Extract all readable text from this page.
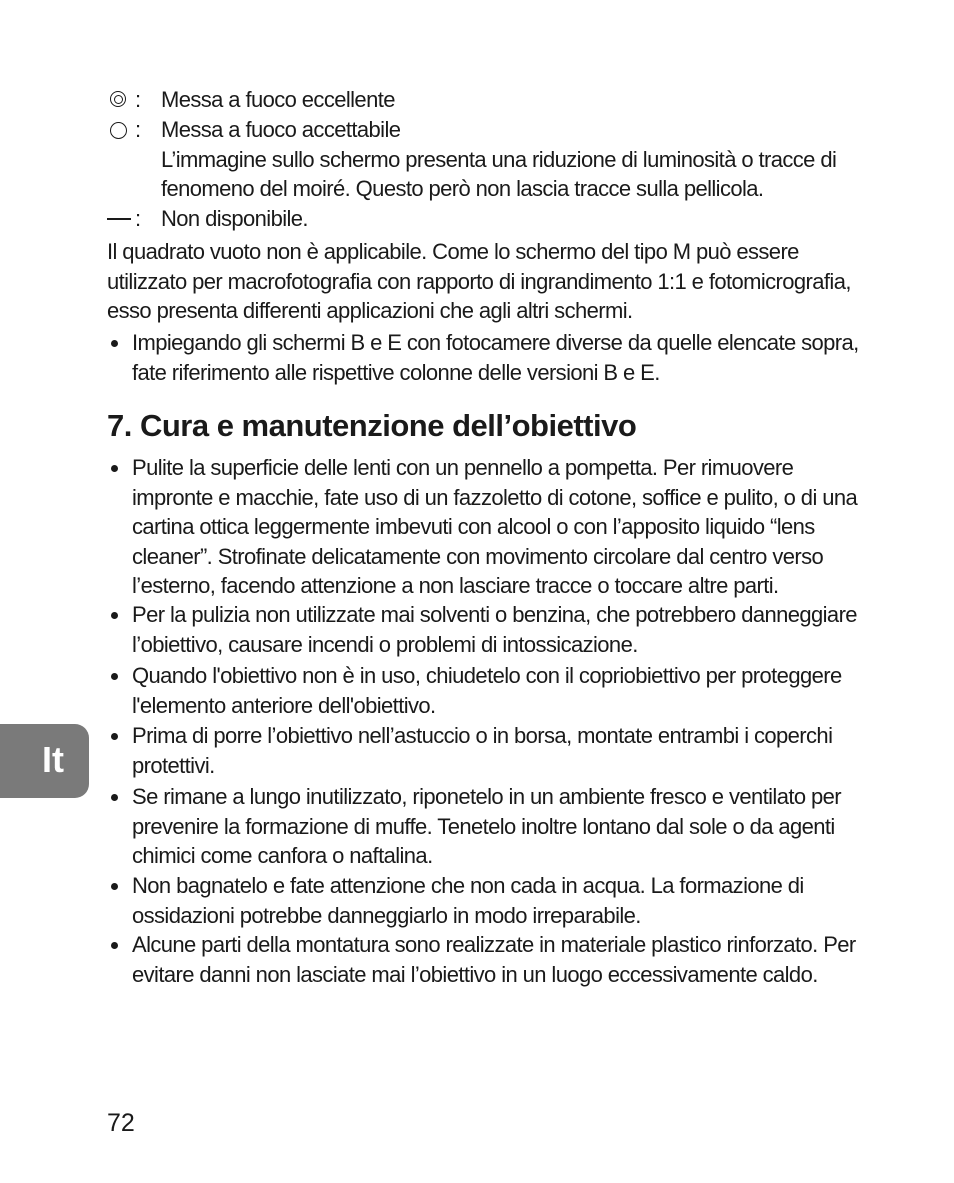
: Messa a fuoco eccellente
: Messa a fuoco accettabile
L’immagine sullo schermo presenta una riduzione di luminosità o tracce di fenomeno del moiré. Questo però non lascia tracce sulla pellicola.
: Non disponibile.
Il quadrato vuoto non è applicabile. Come lo schermo del tipo M può essere utilizzato per macrofotografia con rapporto di ingrandimento 1:1 e fotomicrografia, esso presenta differenti applicazioni che agli altri schermi.
Impiegando gli schermi B e E con fotocamere diverse da quelle elencate sopra, fate riferimento alle rispettive colonne delle versioni B e E.
7. Cura e manutenzione dell’obiettivo
Pulite la superficie delle lenti con un pennello a pompetta. Per rimuovere impronte e macchie, fate uso di un fazzoletto di cotone, soffice e pulito, o di una cartina ottica leggermente imbevuti con alcool o con l’apposito liquido “lens cleaner”. Strofinate delicatamente con movimento circolare dal centro verso l’esterno, facendo attenzione a non lasciare tracce o toccare altre parti.
Per la pulizia non utilizzate mai solventi o benzina, che potrebbero danneggiare l’obiettivo, causare incendi o problemi di intossicazione.
Quando l'obiettivo non è in uso, chiudetelo con il copriobiettivo per proteggere l'elemento anteriore dell'obiettivo.
Prima di porre l’obiettivo nell’astuccio o in borsa, montate entrambi i coperchi protettivi.
Se rimane a lungo inutilizzato, riponetelo in un ambiente fresco e ventilato per prevenire la formazione di muffe. Tenetelo inoltre lontano dal sole o da agenti chimici come canfora o naftalina.
Non bagnatelo e fate attenzione che non cada in acqua. La formazione di ossidazioni potrebbe danneggiarlo in modo irreparabile.
Alcune parti della montatura sono realizzate in materiale plastico rinforzato. Per evitare danni non lasciate mai l’obiettivo in un luogo eccessivamente caldo.
It
72
